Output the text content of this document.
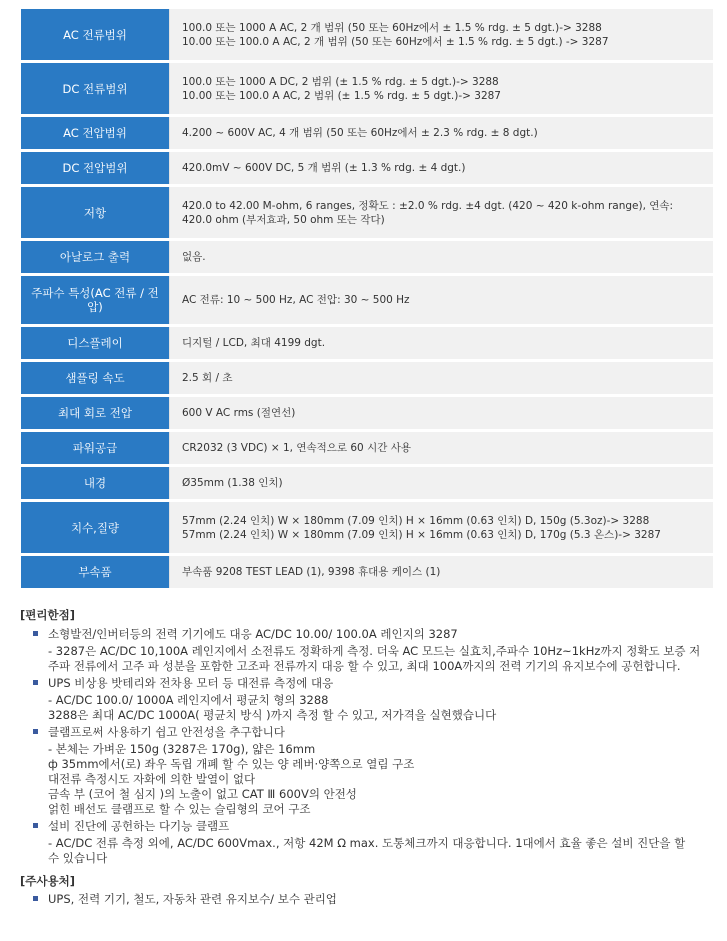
AC 전류범위	100.0 또는 1000 A AC, 2 개 범위 (50 또는 60Hz에서 ± 1.5 % rdg. ± 5 dgt.)-> 3288
10.00 또는 100.0 A AC, 2 개 범위 (50 또는 60Hz에서 ± 1.5 % rdg. ± 5 dgt.) -> 3287

DC 전류범위	100.0 또는 1000 A DC, 2 범위 (± 1.5 % rdg. ± 5 dgt.)-> 3288
10.00 또는 100.0 A AC, 2 범위 (± 1.5 % rdg. ± 5 dgt.)-> 3287

AC 전압범위	4.200 ~ 600V AC, 4 개 범위 (50 또는 60Hz에서 ± 2.3 % rdg. ± 8 dgt.)

DC 전압범위	420.0mV ~ 600V DC, 5 개 범위 (± 1.3 % rdg. ± 4 dgt.)

저항	420.0 to 42.00 M-ohm, 6 ranges, 정확도 : ±2.0 % rdg. ±4 dgt. (420 ~ 420 k-ohm range), 연속:
420.0 ohm (부저효과, 50 ohm 또는 작다)

아날로그 출력	없음.

주파수 특성(AC 전류 / 전압)	AC 전류: 10 ~ 500 Hz, AC 전압: 30 ~ 500 Hz

디스플레이	디지털 / LCD, 최대 4199 dgt.

샘플링 속도	2.5 회 / 초

최대 회로 전압	600 V AC rms (절연선)

파워공급	CR2032 (3 VDC) × 1, 연속적으로 60 시간 사용

내경	Ø35mm (1.38 인치)

치수,질량	57mm (2.24 인치) W × 180mm (7.09 인치) H × 16mm (0.63 인치) D, 150g (5.3oz)-> 3288
57mm (2.24 인치) W × 180mm (7.09 인치) H × 16mm (0.63 인치) D, 170g (5.3 온스)-> 3287

부속품	부속품 9208 TEST LEAD (1), 9398 휴대용 케이스 (1)
[편리한점]
소형발전/인버터등의 전력 기기에도 대응 AC/DC 10.00/ 100.0A 레인지의 3287
- 3287은 AC/DC 10,100A 레인지에서 소전류도 정확하게 측정. 더욱 AC 모드는 실효치,주파수 10Hz~1kHz까지 정확도 보증 저
주파 전류에서 고주 파 성분을 포함한 고조파 전류까지 대응 할 수 있고, 최대 100A까지의 전력 기기의 유지보수에 공헌합니다.
UPS 비상용 밧테리와 전차용 모터 등 대전류 측정에 대응
- AC/DC 100.0/ 1000A 레인지에서 평균치 형의 3288
3288은 최대 AC/DC 1000A( 평균치 방식 )까지 측정 할 수 있고, 저가격을 실현했습니다
클램프로써 사용하기 쉽고 안전성을 추구합니다
- 본체는 가벼운 150g (3287은 170g), 얇은 16mm
ф 35mm에서(로) 좌우 독립 개폐 할 수 있는 양 레버·양쪽으로 열림 구조
대전류 측정시도 자화에 의한 발열이 없다
금속 부 (코어 철 심지 )의 노출이 없고 CAT Ⅲ 600V의 안전성
얽힌 배선도 클램프로 할 수 있는 슬림형의 코어 구조
설비 진단에 공헌하는 다기능 클램프
- AC/DC 전류 측정 외에, AC/DC 600Vmax., 저항 42M Ω max. 도통체크까지 대응합니다. 1대에서 효율 좋은 설비 진단을 할
수 있습니다
[주사용처]
UPS, 전력 기기, 철도, 자동차 관련 유지보수/ 보수 관리업
